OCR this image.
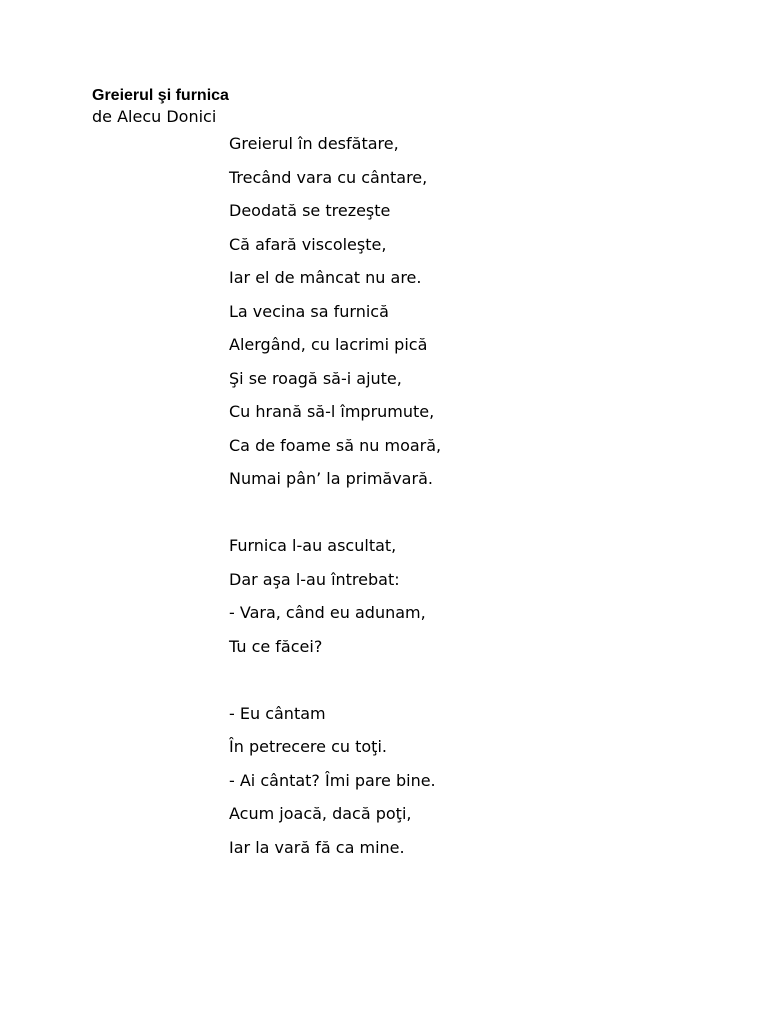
Greierul şi furnica

de Alecu Donici

Greierul în desfătare,
Trecând vara cu cântare,
Deodată se trezeşte
Că afară viscoleşte,
Iar el de mâncat nu are.
La vecina sa furnică
Alergând, cu lacrimi pică
Şi se roagă să-i ajute,
Cu hrană să-l împrumute,
Ca de foame să nu moară,
Numai pân’ la primăvară.
Furnica l-au ascultat,
Dar aşa l-au întrebat:
- Vara, când eu adunam,
Tu ce făcei?
- Eu cântam
În petrecere cu toţi.
- Ai cântat? Îmi pare bine.
Acum joacă, dacă poţi,
Iar la vară fă ca mine.
